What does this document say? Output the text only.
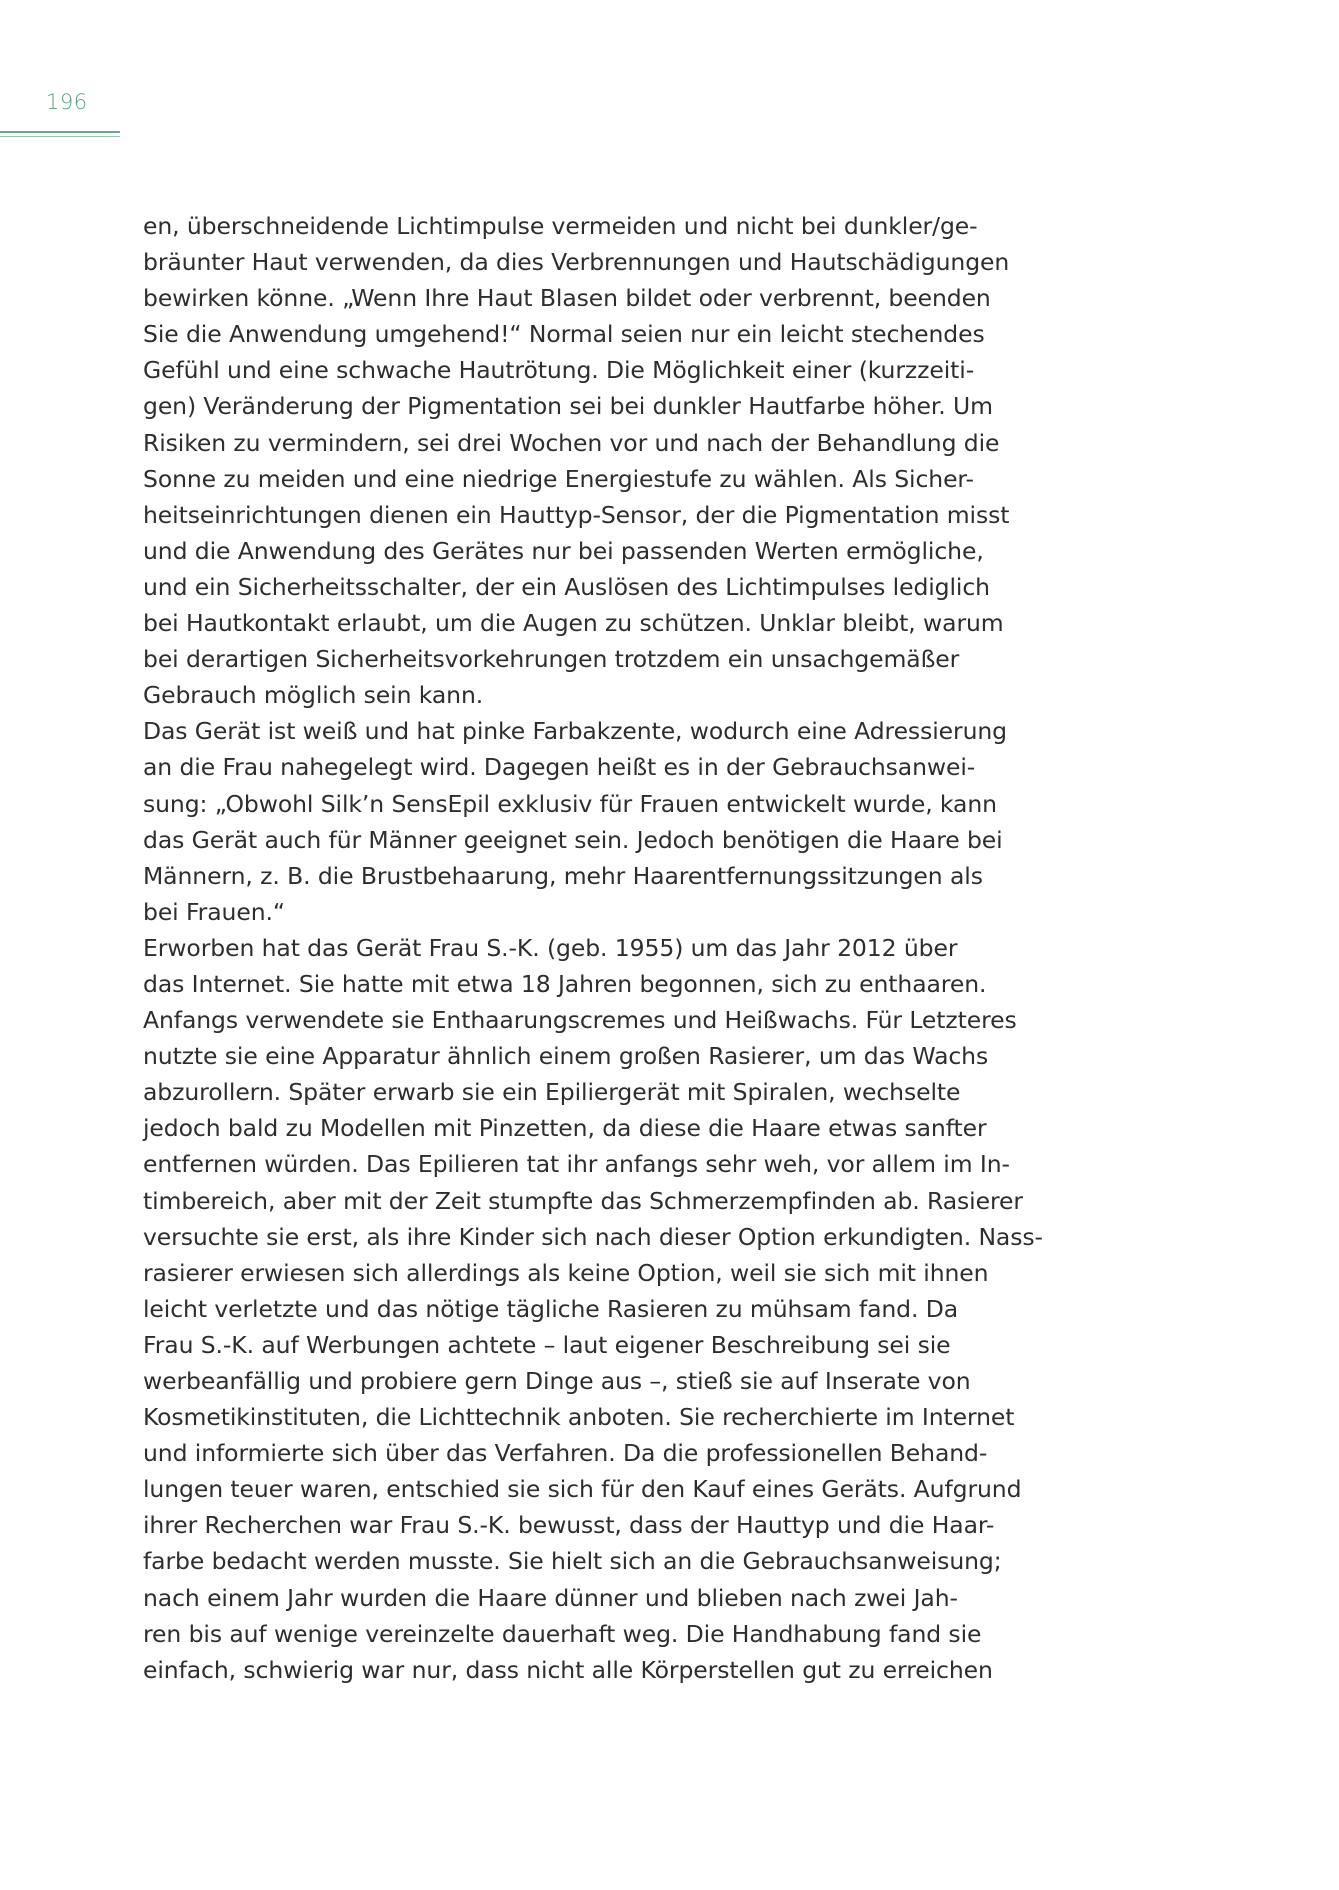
196
en, überschneidende Lichtimpulse vermeiden und nicht bei dunkler/ge-
bräunter Haut verwenden, da dies Verbrennungen und Hautschädigungen
bewirken könne. „Wenn Ihre Haut Blasen bildet oder verbrennt, beenden
Sie die Anwendung umgehend!“ Normal seien nur ein leicht stechendes
Gefühl und eine schwache Hautrötung. Die Möglichkeit einer (kurzzeiti-
gen) Veränderung der Pigmentation sei bei dunkler Hautfarbe höher. Um
Risiken zu vermindern, sei drei Wochen vor und nach der Behandlung die
Sonne zu meiden und eine niedrige Energiestufe zu wählen. Als Sicher-
heitseinrichtungen dienen ein Hauttyp-Sensor, der die Pigmentation misst
und die Anwendung des Gerätes nur bei passenden Werten ermögliche,
und ein Sicherheitsschalter, der ein Auslösen des Lichtimpulses lediglich
bei Hautkontakt erlaubt, um die Augen zu schützen. Unklar bleibt, warum
bei derartigen Sicherheitsvorkehrungen trotzdem ein unsachgemäßer
Gebrauch möglich sein kann.
Das Gerät ist weiß und hat pinke Farbakzente, wodurch eine Adressierung
an die Frau nahegelegt wird. Dagegen heißt es in der Gebrauchsanwei-
sung: „Obwohl Silk’n SensEpil exklusiv für Frauen entwickelt wurde, kann
das Gerät auch für Männer geeignet sein. Jedoch benötigen die Haare bei
Männern, z. B. die Brustbehaarung, mehr Haarentfernungssitzungen als
bei Frauen.“
Erworben hat das Gerät Frau S.-K. (geb. 1955) um das Jahr 2012 über
das Internet. Sie hatte mit etwa 18 Jahren begonnen, sich zu enthaaren.
Anfangs verwendete sie Enthaarungscremes und Heißwachs. Für Letzteres
nutzte sie eine Apparatur ähnlich einem großen Rasierer, um das Wachs
abzurollern. Später erwarb sie ein Epiliergerät mit Spiralen, wechselte
jedoch bald zu Modellen mit Pinzetten, da diese die Haare etwas sanfter
entfernen würden. Das Epilieren tat ihr anfangs sehr weh, vor allem im In-
timbereich, aber mit der Zeit stumpfte das Schmerzempfinden ab. Rasierer
versuchte sie erst, als ihre Kinder sich nach dieser Option erkundigten. Nass-
rasierer erwiesen sich allerdings als keine Option, weil sie sich mit ihnen
leicht verletzte und das nötige tägliche Rasieren zu mühsam fand. Da
Frau S.-K. auf Werbungen achtete – laut eigener Beschreibung sei sie
werbeanfällig und probiere gern Dinge aus –, stieß sie auf Inserate von
Kosmetikinstituten, die Lichttechnik anboten. Sie recherchierte im Internet
und informierte sich über das Verfahren. Da die professionellen Behand-
lungen teuer waren, entschied sie sich für den Kauf eines Geräts. Aufgrund
ihrer Recherchen war Frau S.-K. bewusst, dass der Hauttyp und die Haar-
farbe bedacht werden musste. Sie hielt sich an die Gebrauchsanweisung;
nach einem Jahr wurden die Haare dünner und blieben nach zwei Jah-
ren bis auf wenige vereinzelte dauerhaft weg. Die Handhabung fand sie
einfach, schwierig war nur, dass nicht alle Körperstellen gut zu erreichen
